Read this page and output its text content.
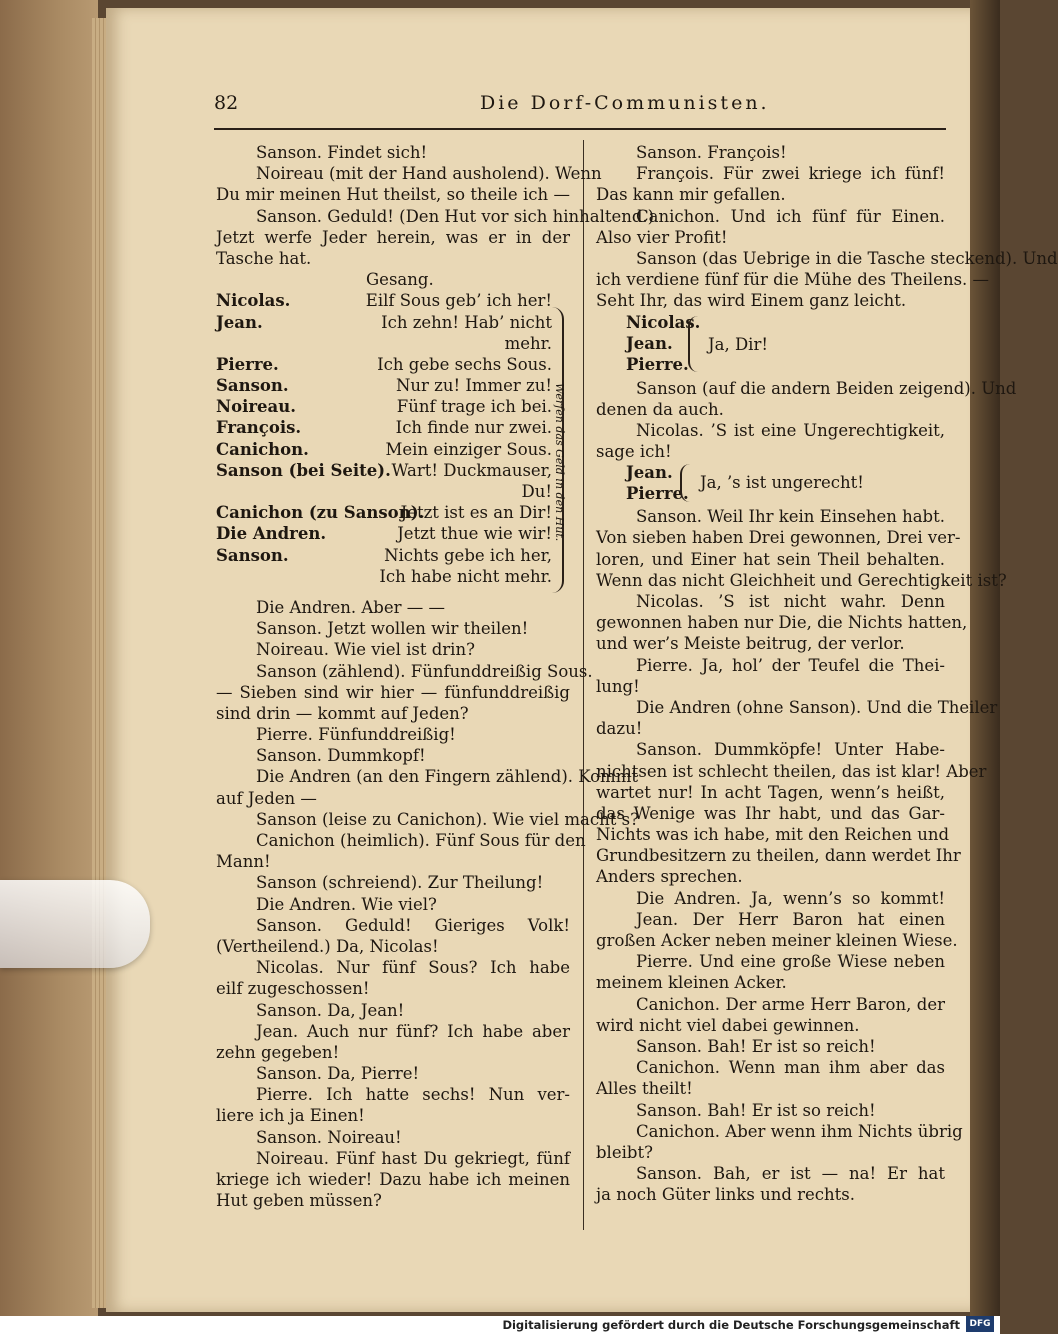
82	Die Dorf-Communisten.
Sanson. Findet sich!
Noireau (mit der Hand ausholend). Wenn
Du mir meinen Hut theilst, so theile ich —
Sanson. Geduld! (Den Hut vor sich hinhaltend.)
Jetzt werfe Jeder herein, was er in der
Tasche hat.
Gesang.
Nicolas.	Eilf Sous geb’ ich her!
Jean.	Ich zehn! Hab’ nicht
mehr.
Pierre.	Ich gebe sechs Sous.
Sanson.	Nur zu! Immer zu!
Noireau.	Fünf trage ich bei.
François.	Ich finde nur zwei.
Canichon.	Mein einziger Sous.
Sanson (bei Seite). Wart! Duckmauser,
Du!
Canichon (zu Sanson).
Jetzt ist es an Dir!
Die Andren.	Jetzt thue wie wir!
Sanson.	Nichts gebe ich her,
Ich habe nicht mehr.
Die Andren. Aber — —
Sanson. Jetzt wollen wir theilen!
Noireau. Wie viel ist drin?
Sanson (zählend). Fünfunddreißig Sous.
— Sieben sind wir hier — fünfunddreißig
sind drin — kommt auf Jeden?
Pierre. Fünfunddreißig!
Sanson. Dummkopf!
Die Andren (an den Fingern zählend). Kommt
auf Jeden —
Sanson (leise zu Canichon). Wie viel macht’s?
Canichon (heimlich). Fünf Sous für den
Mann!
Sanson (schreiend). Zur Theilung!
Die Andren. Wie viel?
Sanson. Geduld! Gieriges Volk!
(Vertheilend.) Da, Nicolas!
Nicolas. Nur fünf Sous? Ich habe
eilf zugeschossen!
Sanson. Da, Jean!
Jean. Auch nur fünf? Ich habe aber
zehn gegeben!
Sanson. Da, Pierre!
Pierre. Ich hatte sechs! Nun ver-
liere ich ja Einen!
Sanson. Noireau!
Noireau. Fünf hast Du gekriegt, fünf
kriege ich wieder! Dazu habe ich meinen
Hut geben müssen?
Werfen das Geld in den Hut.
Sanson. François!
François. Für zwei kriege ich fünf!
Das kann mir gefallen.
Canichon. Und ich fünf für Einen.
Also vier Profit!
Sanson (das Uebrige in die Tasche steckend). Und
ich verdiene fünf für die Mühe des Theilens. —
Seht Ihr, das wird Einem ganz leicht.
Nicolas.
Jean.
Pierre.
Ja, Dir!
Sanson (auf die andern Beiden zeigend). Und
denen da auch.
Nicolas. ’S ist eine Ungerechtigkeit,
sage ich!
Jean.
Pierre.
Ja, ’s ist ungerecht!
Sanson. Weil Ihr kein Einsehen habt.
Von sieben haben Drei gewonnen, Drei ver-
loren, und Einer hat sein Theil behalten.
Wenn das nicht Gleichheit und Gerechtigkeit ist?
Nicolas. ’S ist nicht wahr. Denn
gewonnen haben nur Die, die Nichts hatten,
und wer’s Meiste beitrug, der verlor.
Pierre. Ja, hol’ der Teufel die Thei-
lung!
Die Andren (ohne Sanson). Und die Theiler
dazu!
Sanson. Dummköpfe! Unter Habe-
nichtsen ist schlecht theilen, das ist klar! Aber
wartet nur! In acht Tagen, wenn’s heißt,
das Wenige was Ihr habt, und das Gar-
Nichts was ich habe, mit den Reichen und
Grundbesitzern zu theilen, dann werdet Ihr
Anders sprechen.
Die Andren. Ja, wenn’s so kommt!
Jean. Der Herr Baron hat einen
großen Acker neben meiner kleinen Wiese.
Pierre. Und eine große Wiese neben
meinem kleinen Acker.
Canichon. Der arme Herr Baron, der
wird nicht viel dabei gewinnen.
Sanson. Bah! Er ist so reich!
Canichon. Wenn man ihm aber das
Alles theilt!
Sanson. Bah! Er ist so reich!
Canichon. Aber wenn ihm Nichts übrig
bleibt?
Sanson. Bah, er ist — na! Er hat
ja noch Güter links und rechts.
Digitalisierung gefördert durch die Deutsche Forschungsgemeinschaft	DFG
